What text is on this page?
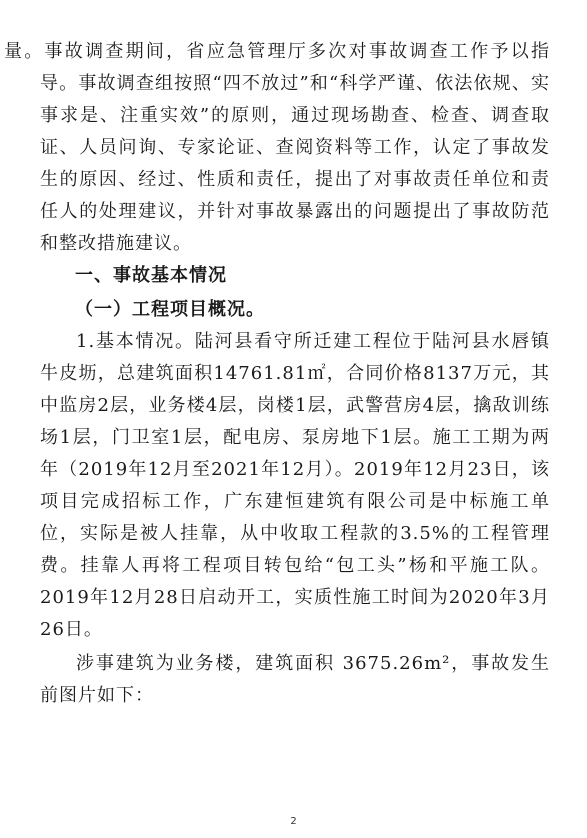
量。事故调查期间，省应急管理厅多次对事故调查工作予以指导。事故调查组按照“四不放过”和“科学严谨、依法依规、实事求是、注重实效”的原则，通过现场勘查、检查、调查取证、人员问询、专家论证、查阅资料等工作，认定了事故发生的原因、经过、性质和责任，提出了对事故责任单位和责任人的处理建议，并针对事故暴露出的问题提出了事故防范和整改措施建议。

一、事故基本情况

（一）工程项目概况。

1.基本情况。陆河县看守所迁建工程位于陆河县水唇镇牛皮坜，总建筑面积14761.81㎡，合同价格8137万元，其中监房2层，业务楼4层，岗楼1层，武警营房4层，擒敌训练场1层，门卫室1层，配电房、泵房地下1层。施工工期为两年（2019年12月至2021年12月）。2019年12月23日，该项目完成招标工作，广东建恒建筑有限公司是中标施工单位，实际是被人挂靠，从中收取工程款的3.5%的工程管理费。挂靠人再将工程项目转包给“包工头”杨和平施工队。2019年12月28日启动开工，实质性施工时间为2020年3月26日。

涉事建筑为业务楼，建筑面积 3675.26m²，事故发生前图片如下：

2
